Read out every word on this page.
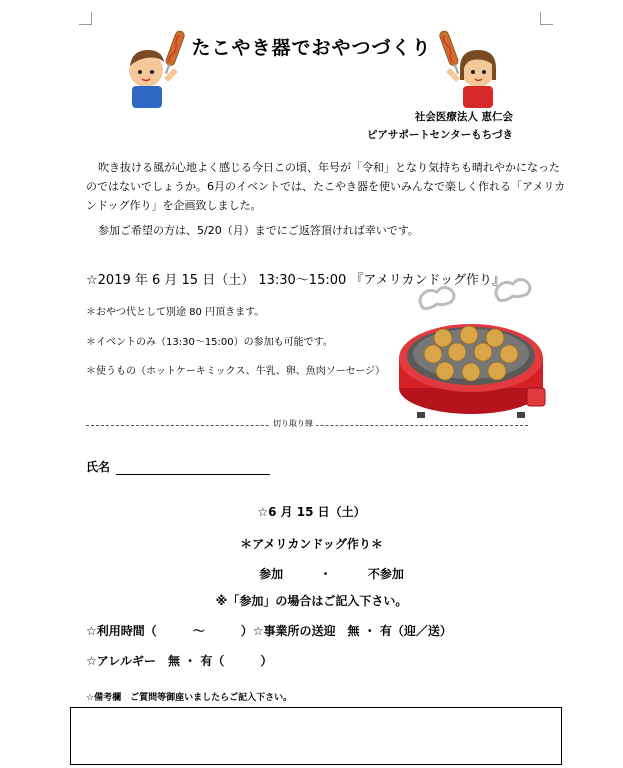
たこやき器でおやつづくり
社会医療法人 恵仁会
ピアサポートセンターもちづき
吹き抜ける風が心地よく感じる今日この頃、年号が「令和」となり気持ちも晴れやかになったのではないでしょうか。6月のイベントでは、たこやき器を使いみんなで楽しく作れる「アメリカンドッグ作り」を企画致しました。
参加ご希望の方は、5/20（月）までにご返答頂ければ幸いです。
☆2019 年 6 月 15 日（土） 13:30～15:00 『アメリカンドッグ作り』
＊おやつ代として別途 80 円頂きます。
＊イベントのみ（13:30～15:00）の参加も可能です。
＊使うもの（ホットケーキミックス、牛乳、卵、魚肉ソーセージ）
切り取り線
氏名
☆6 月 15 日（土）
＊アメリカンドッグ作り＊
参加	・	不参加
※「参加」の場合はご記入下さい。
☆利用時間（　　　～　　　）☆事業所の送迎　無 ・ 有（迎／送）
☆アレルギー　無 ・ 有（　　　）
☆備考欄　ご質問等御座いましたらご記入下さい。
